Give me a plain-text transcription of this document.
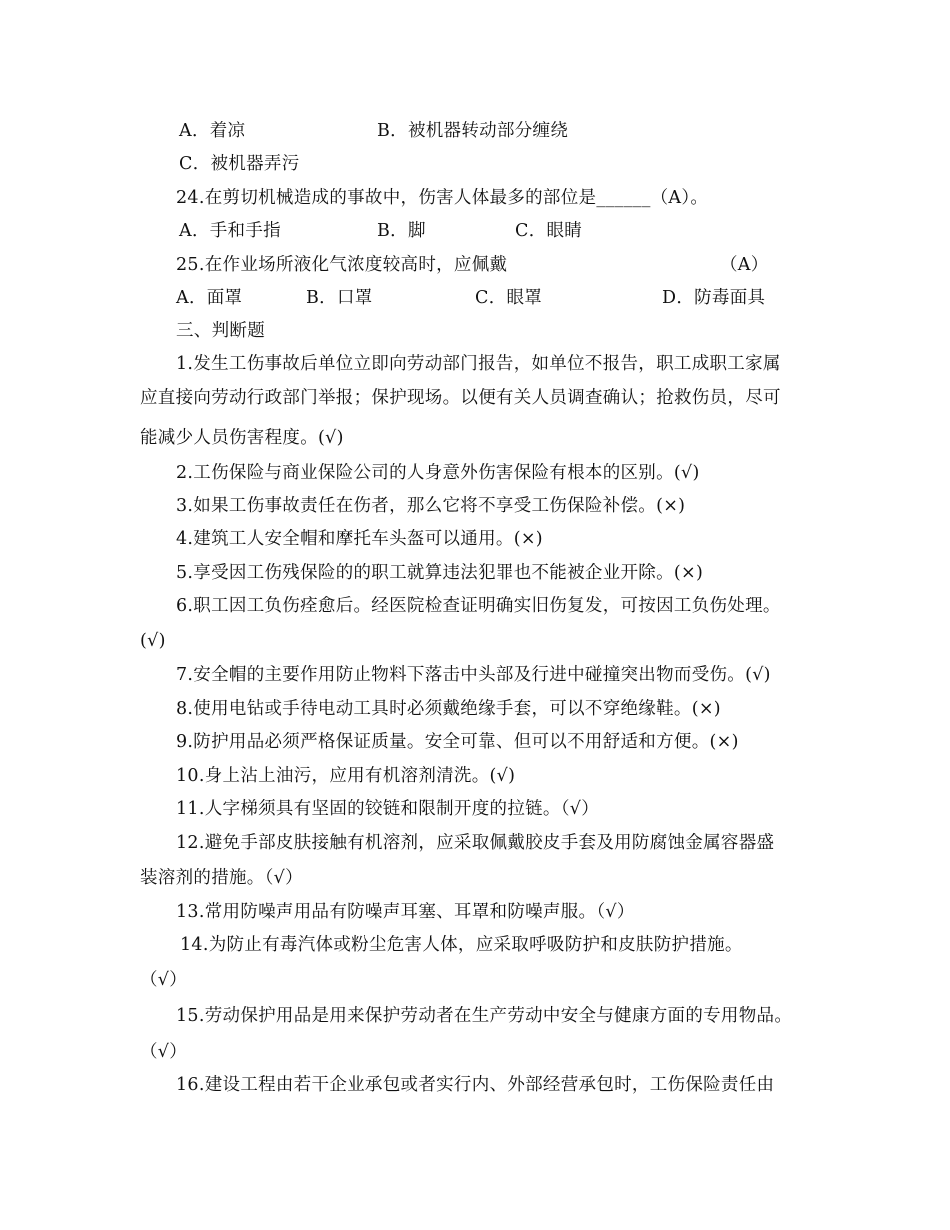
A．着凉	B．被机器转动部分缠绕
C．被机器弄污
24.在剪切机械造成的事故中，伤害人体最多的部位是______（A）。
A．手和手指	B．脚	C．眼睛
25.在作业场所液化气浓度较高时，应佩戴	（A）
A．面罩	B．口罩	C．眼罩	D．防毒面具
三、判断题
1.发生工伤事故后单位立即向劳动部门报告，如单位不报告，职工成职工家属
应直接向劳动行政部门举报；保护现场。以便有关人员调查确认；抢救伤员，尽可
能减少人员伤害程度。(√)
2.工伤保险与商业保险公司的人身意外伤害保险有根本的区别。(√)
3.如果工伤事故责任在伤者，那么它将不享受工伤保险补偿。(×)
4.建筑工人安全帽和摩托车头盔可以通用。(×)
5.享受因工伤残保险的的职工就算违法犯罪也不能被企业开除。(×)
6.职工因工负伤痊愈后。经医院检查证明确实旧伤复发，可按因工负伤处理。
(√)
7.安全帽的主要作用防止物料下落击中头部及行进中碰撞突出物而受伤。(√)
8.使用电钻或手待电动工具时必须戴绝缘手套，可以不穿绝缘鞋。(×)
9.防护用品必须严格保证质量。安全可靠、但可以不用舒适和方便。(×)
10.身上沾上油污，应用有机溶剂清洗。(√)
11.人字梯须具有坚固的铰链和限制开度的拉链。（√）
12.避免手部皮肤接触有机溶剂，应采取佩戴胶皮手套及用防腐蚀金属容器盛
装溶剂的措施。（√）
13.常用防噪声用品有防噪声耳塞、耳罩和防噪声服。（√）
14.为防止有毒汽体或粉尘危害人体，应采取呼吸防护和皮肤防护措施。
（√）
15.劳动保护用品是用来保护劳动者在生产劳动中安全与健康方面的专用物品。
（√）
16.建设工程由若干企业承包或者实行内、外部经营承包时，工伤保险责任由
